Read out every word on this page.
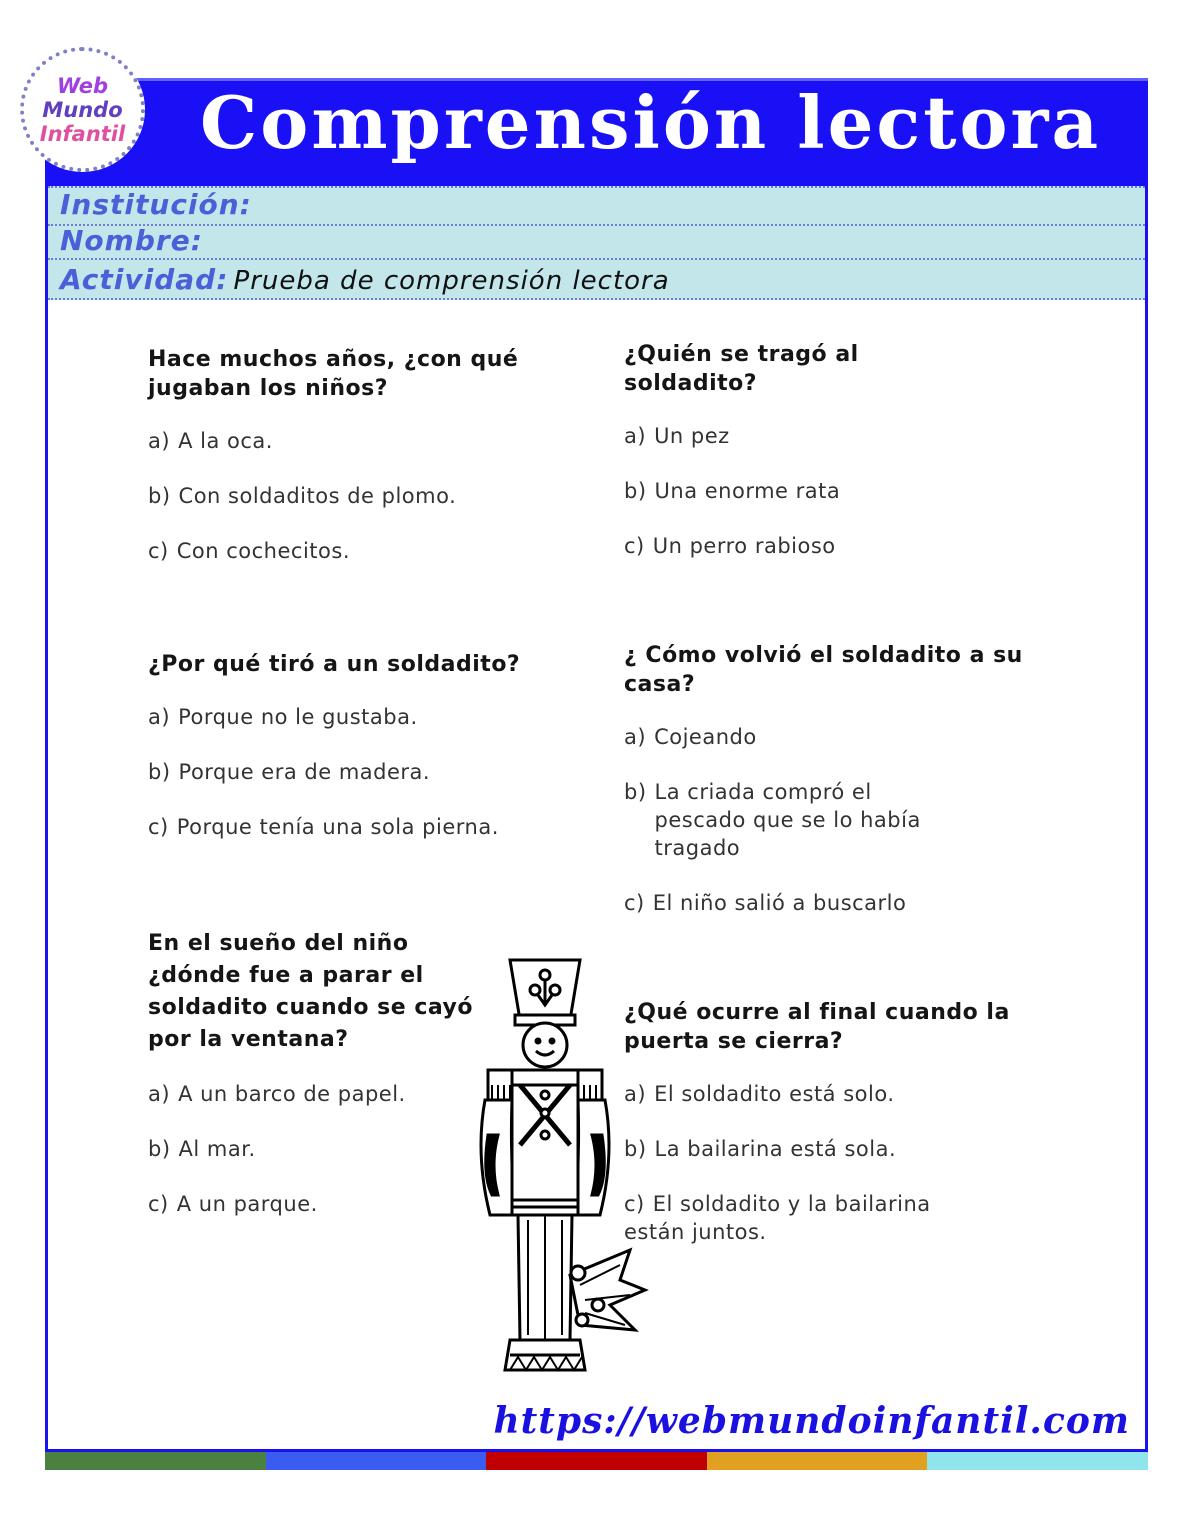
Comprensión lectora
Web
Mundo
Infantil
Institución:
Nombre:
Actividad: Prueba de comprensión lectora
Hace muchos años, ¿con qué jugaban los niños?
a) A la oca.
b) Con soldaditos de plomo.
c) Con cochecitos.
¿Quién se tragó al soldadito?
a) Un pez
b) Una enorme rata
c) Un perro rabioso
¿Por qué tiró a un soldadito?
a) Porque no le gustaba.
b) Porque era de madera.
c) Porque tenía una sola pierna.
¿ Cómo volvió el soldadito a su casa?
a) Cojeando
b) La criada compró el pescado que se lo había tragado
c) El niño salió a buscarlo
En el sueño del niño ¿dónde fue a parar el soldadito cuando se cayó por la ventana?
a) A un barco de papel.
b) Al mar.
c) A un parque.
¿Qué ocurre al final cuando la puerta se cierra?
a) El soldadito está solo.
b) La bailarina está sola.
c) El soldadito y la bailarina están juntos.
https://webmundoinfantil.com
